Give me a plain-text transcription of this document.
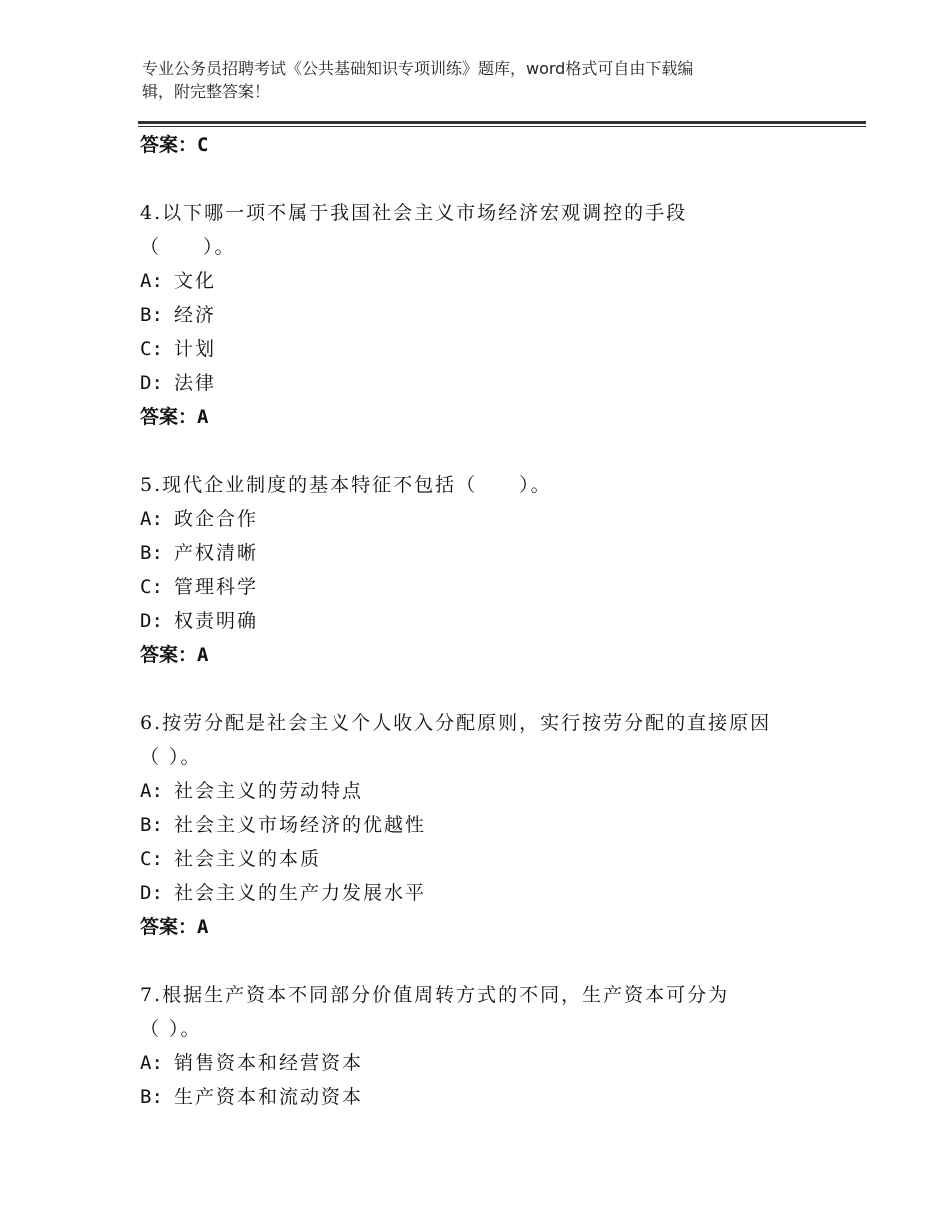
专业公务员招聘考试《公共基础知识专项训练》题库，word格式可自由下载编
辑，附完整答案！
答案：C
4.以下哪一项不属于我国社会主义市场经济宏观调控的手段
（　　）。
A: 文化
B: 经济
C: 计划
D: 法律
答案：A
5.现代企业制度的基本特征不包括（　　）。
A: 政企合作
B: 产权清晰
C: 管理科学
D: 权责明确
答案：A
6.按劳分配是社会主义个人收入分配原则，实行按劳分配的直接原因
（ ）。
A: 社会主义的劳动特点
B: 社会主义市场经济的优越性
C: 社会主义的本质
D: 社会主义的生产力发展水平
答案：A
7.根据生产资本不同部分价值周转方式的不同，生产资本可分为
（ ）。
A: 销售资本和经营资本
B: 生产资本和流动资本
